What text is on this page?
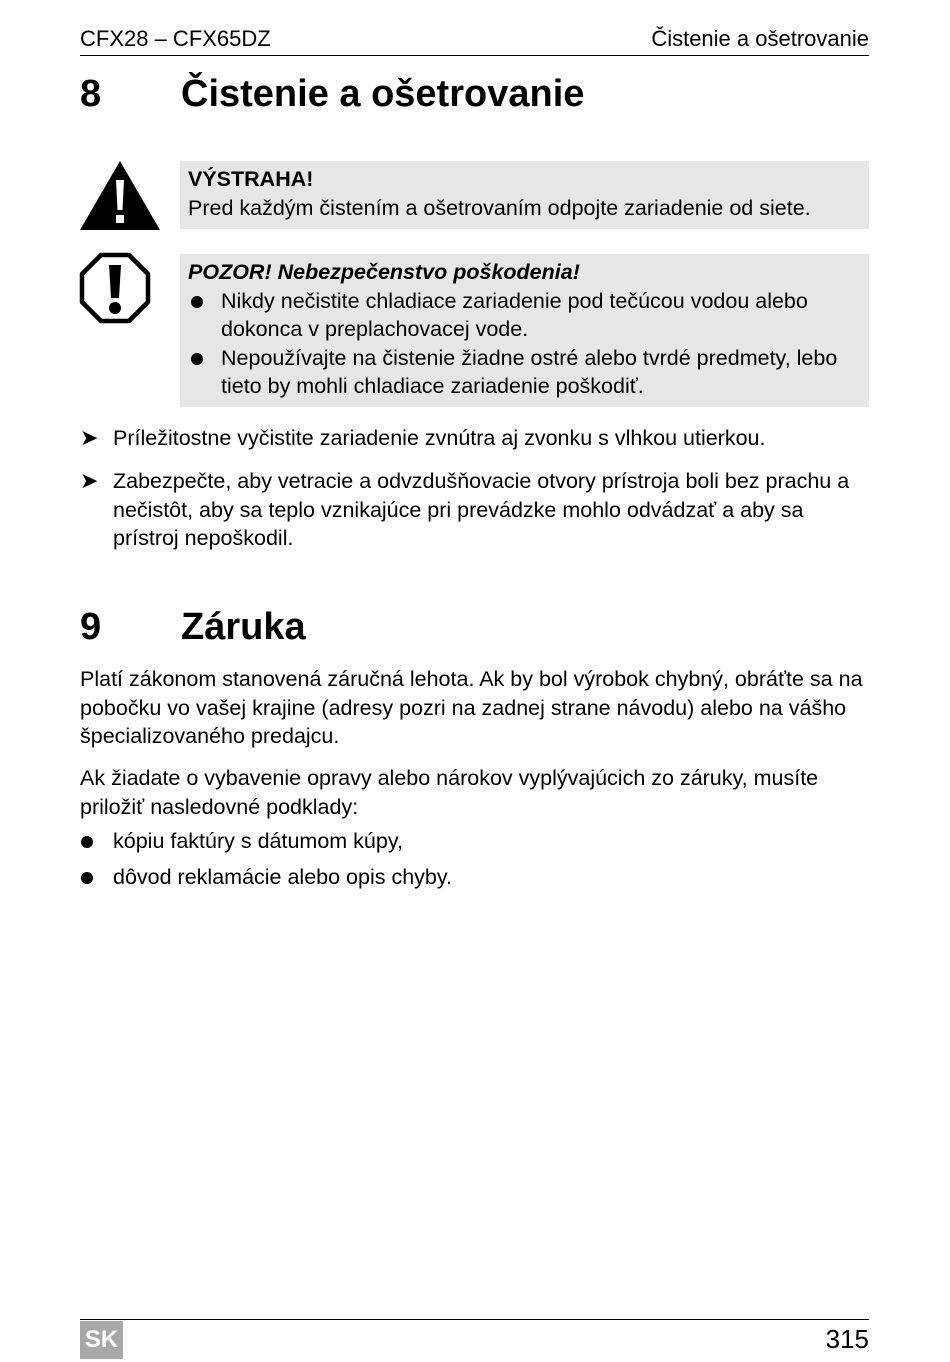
CFX28 – CFX65DZ	Čistenie a ošetrovanie
8 Čistenie a ošetrovanie
VÝSTRAHA!
Pred každým čistením a ošetrovaním odpojte zariadenie od siete.
POZOR! Nebezpečenstvo poškodenia!
Nikdy nečistite chladiace zariadenie pod tečúcou vodou alebo dokonca v preplachovacej vode.
Nepoužívajte na čistenie žiadne ostré alebo tvrdé predmety, lebo tieto by mohli chladiace zariadenie poškodiť.
➤ Príležitostne vyčistite zariadenie zvnútra aj zvonku s vlhkou utierkou.
➤ Zabezpečte, aby vetracie a odvzdušňovacie otvory prístroja boli bez prachu a nečistôt, aby sa teplo vznikajúce pri prevádzke mohlo odvádzať a aby sa prístroj nepoškodil.
9 Záruka
Platí zákonom stanovená záručná lehota. Ak by bol výrobok chybný, obráťte sa na pobočku vo vašej krajine (adresy pozri na zadnej strane návodu) alebo na vášho špecializovaného predajcu.
Ak žiadate o vybavenie opravy alebo nárokov vyplývajúcich zo záruky, musíte priložiť nasledovné podklady:
kópiu faktúry s dátumom kúpy,
dôvod reklamácie alebo opis chyby.
SK	315
